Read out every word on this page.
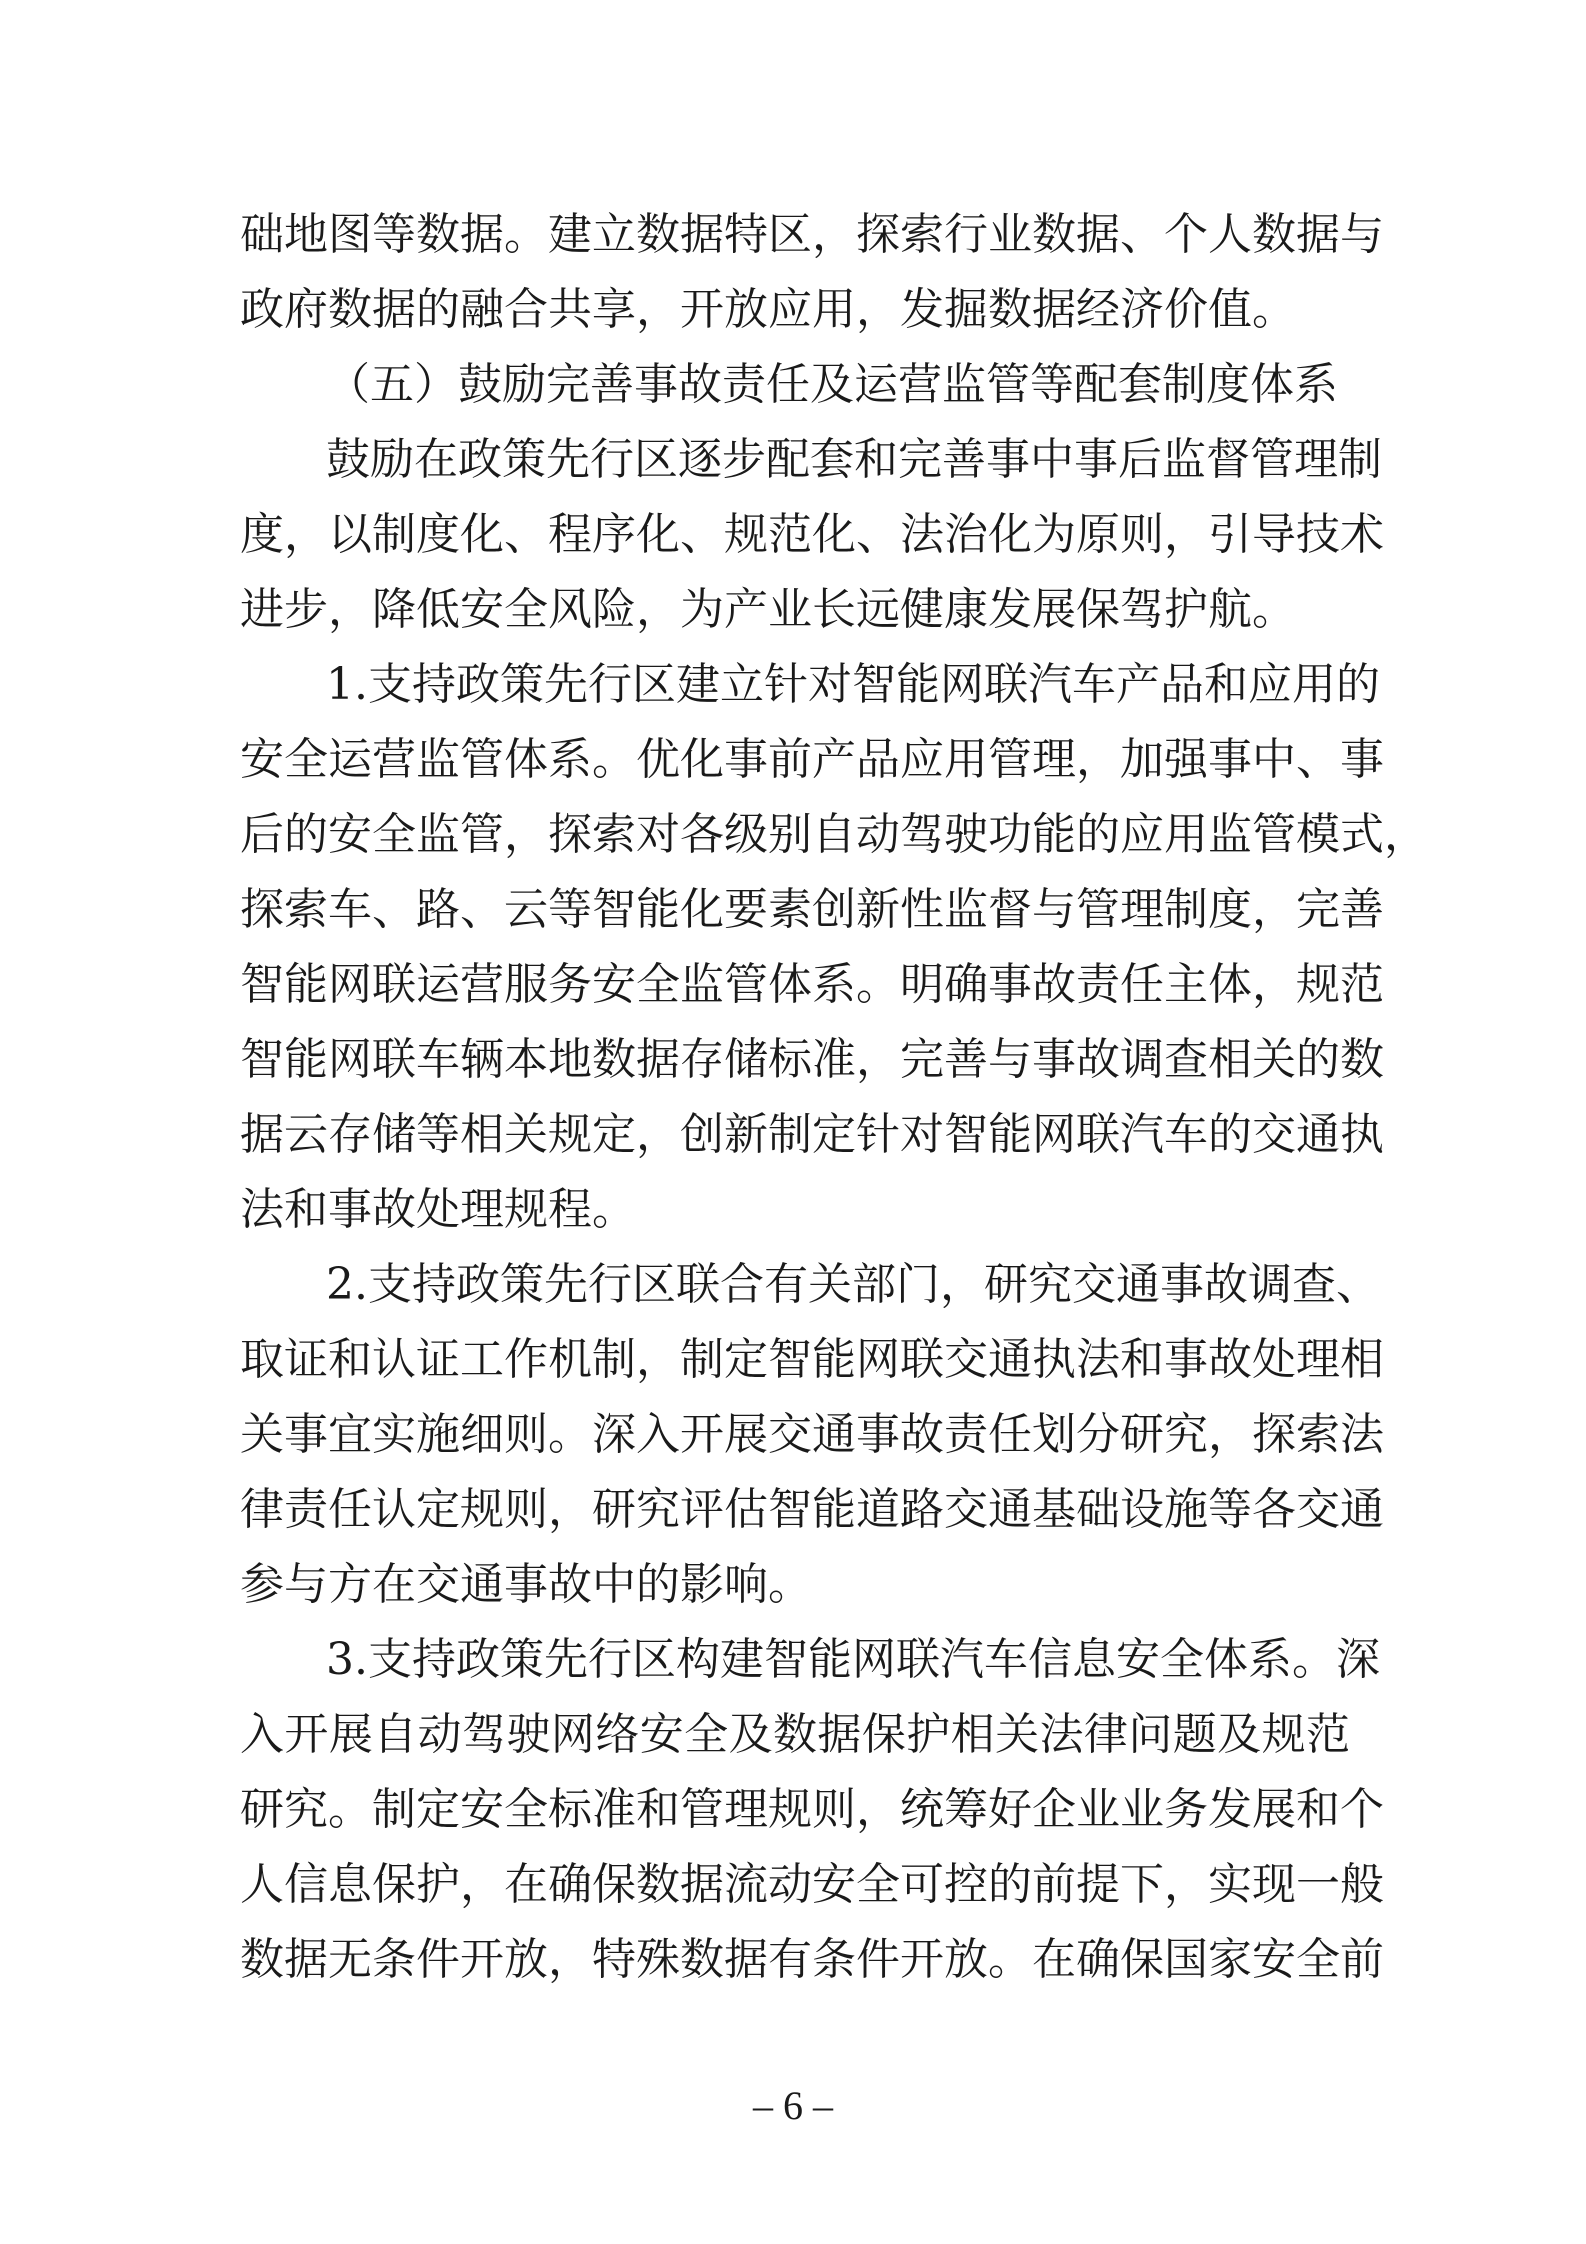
础地图等数据。建立数据特区，探索行业数据、个人数据与
政府数据的融合共享，开放应用，发掘数据经济价值。
（五）鼓励完善事故责任及运营监管等配套制度体系
鼓励在政策先行区逐步配套和完善事中事后监督管理制
度，以制度化、程序化、规范化、法治化为原则，引导技术
进步，降低安全风险，为产业长远健康发展保驾护航。
1.支持政策先行区建立针对智能网联汽车产品和应用的
安全运营监管体系。优化事前产品应用管理，加强事中、事
后的安全监管，探索对各级别自动驾驶功能的应用监管模式，
探索车、路、云等智能化要素创新性监督与管理制度，完善
智能网联运营服务安全监管体系。明确事故责任主体，规范
智能网联车辆本地数据存储标准，完善与事故调查相关的数
据云存储等相关规定，创新制定针对智能网联汽车的交通执
法和事故处理规程。
2.支持政策先行区联合有关部门，研究交通事故调查、
取证和认证工作机制，制定智能网联交通执法和事故处理相
关事宜实施细则。深入开展交通事故责任划分研究，探索法
律责任认定规则，研究评估智能道路交通基础设施等各交通
参与方在交通事故中的影响。
3.支持政策先行区构建智能网联汽车信息安全体系。深
入开展自动驾驶网络安全及数据保护相关法律问题及规范
研究。制定安全标准和管理规则，统筹好企业业务发展和个
人信息保护，在确保数据流动安全可控的前提下，实现一般
数据无条件开放，特殊数据有条件开放。在确保国家安全前
– 6 –
